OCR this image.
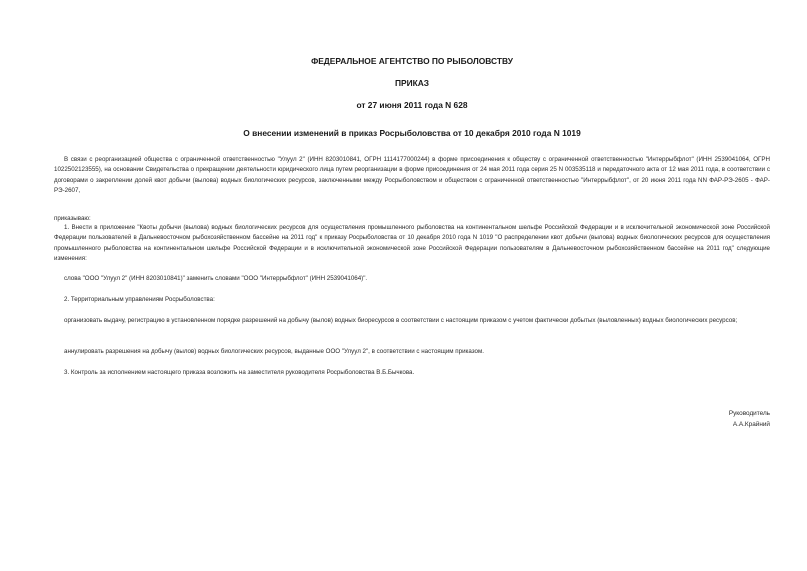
ФЕДЕРАЛЬНОЕ АГЕНТСТВО ПО РЫБОЛОВСТВУ
ПРИКАЗ
от 27 июня 2011 года N 628
О внесении изменений в приказ Росрыболовства от 10 декабря 2010 года N 1019

В связи с реорганизацией общества с ограниченной ответственностью "Улуул 2" (ИНН 8203010841, ОГРН 1114177000244) в форме присоединения к обществу с ограниченной ответственностью "Интеррыбфлот" (ИНН 2539041064, ОГРН 1022502123555), на основании Свидетельства о прекращении деятельности юридического лица путем реорганизации в форме присоединения от 24 мая 2011 года серия 25 N 003535118 и передаточного акта от 12 мая 2011 года, в соответствии с договорами о закреплении долей квот добычи (вылова) водных биологических ресурсов, заключенными между Росрыболовством и обществом с ограниченной ответственностью "Интеррыбфлот", от 20 июня 2011 года NN ФАР-РЭ-2605 - ФАР-РЭ-2607,

приказываю:

1. Внести в приложение "Квоты добычи (вылова) водных биологических ресурсов для осуществления промышленного рыболовства на континентальном шельфе Российской Федерации и в исключительной экономической зоне Российской Федерации пользователей в Дальневосточном рыбохозяйственном бассейне на 2011 год" к приказу Росрыболовства от 10 декабря 2010 года N 1019 "О распределении квот добычи (вылова) водных биологических ресурсов для осуществления промышленного рыболовства на континентальном шельфе Российской Федерации и в исключительной экономической зоне Российской Федерации пользователям в Дальневосточном рыбохозяйственном бассейне на 2011 год" следующие изменения:

слова "ООО "Улуул 2" (ИНН 8203010841)" заменить словами "ООО "Интеррыбфлот" (ИНН 2539041064)".

2. Территориальным управлениям Росрыболовства:

организовать выдачу, регистрацию в установленном порядке разрешений на добычу (вылов) водных биоресурсов в соответствии с настоящим приказом с учетом фактически добытых (выловленных) водных биологических ресурсов;

аннулировать разрешения на добычу (вылов) водных биологических ресурсов, выданные ООО "Улуул 2", в соответствии с настоящим приказом.

3. Контроль за исполнением настоящего приказа возложить на заместителя руководителя Росрыболовства В.Б.Бычкова.

Руководитель
А.А.Крайний
